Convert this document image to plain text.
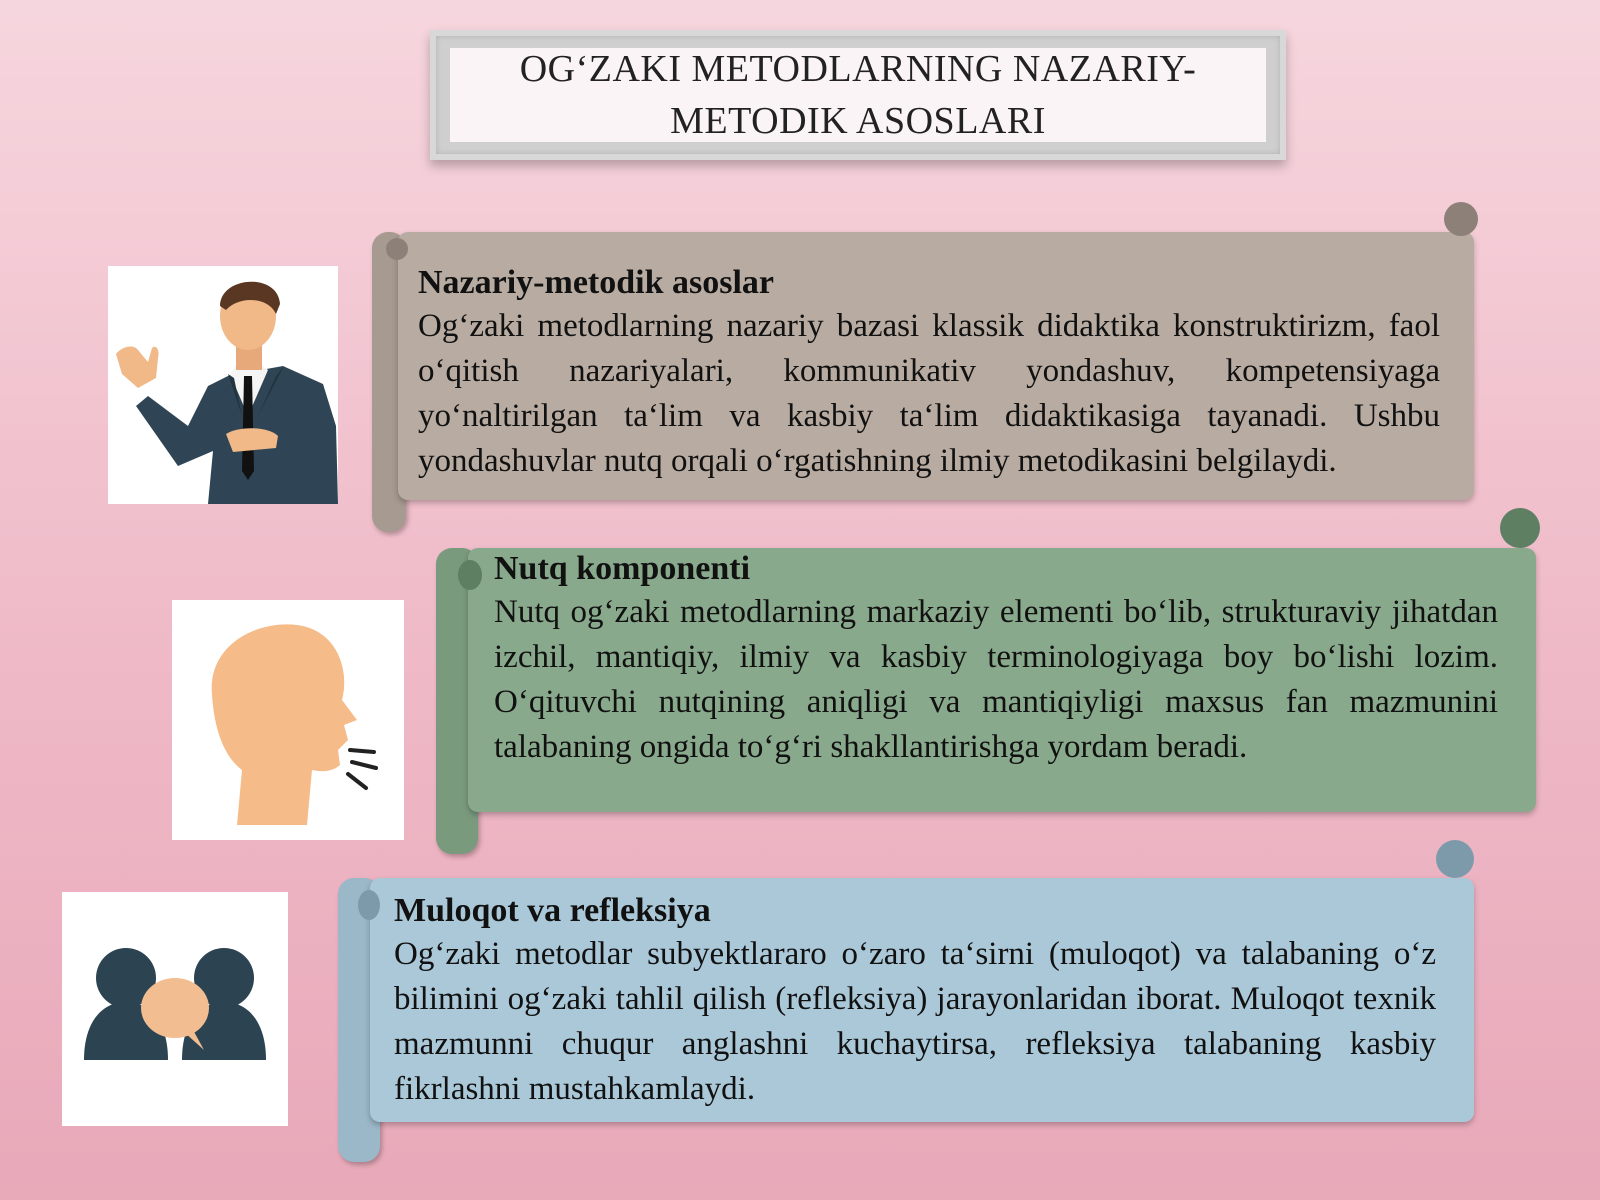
OG‘ZAKI METODLARNING NAZARIY-
METODIK ASOSLARI
Nazariy-metodik asoslar

Og‘zaki metodlarning nazariy bazasi klassik didaktika konstruktirizm, faol o‘qitish nazariyalari, kommunikativ yondashuv, kompetensiyaga yo‘naltirilgan ta‘lim va kasbiy ta‘lim didaktikasiga tayanadi. Ushbu yondashuvlar nutq orqali o‘rgatishning ilmiy metodikasini belgilaydi.

Nutq komponenti

Nutq og‘zaki metodlarning markaziy elementi bo‘lib, strukturaviy jihatdan izchil, mantiqiy, ilmiy va kasbiy terminologiyaga boy bo‘lishi lozim. O‘qituvchi nutqining aniqligi va mantiqiyligi maxsus fan mazmunini talabaning ongida to‘g‘ri shakllantirishga yordam beradi.

Muloqot va refleksiya

Og‘zaki metodlar subyektlararo o‘zaro ta‘sirni (muloqot) va talabaning o‘z bilimini og‘zaki tahlil qilish (refleksiya) jarayonlaridan iborat. Muloqot texnik mazmunni chuqur anglashni kuchaytirsa, refleksiya talabaning kasbiy fikrlashni mustahkamlaydi.
